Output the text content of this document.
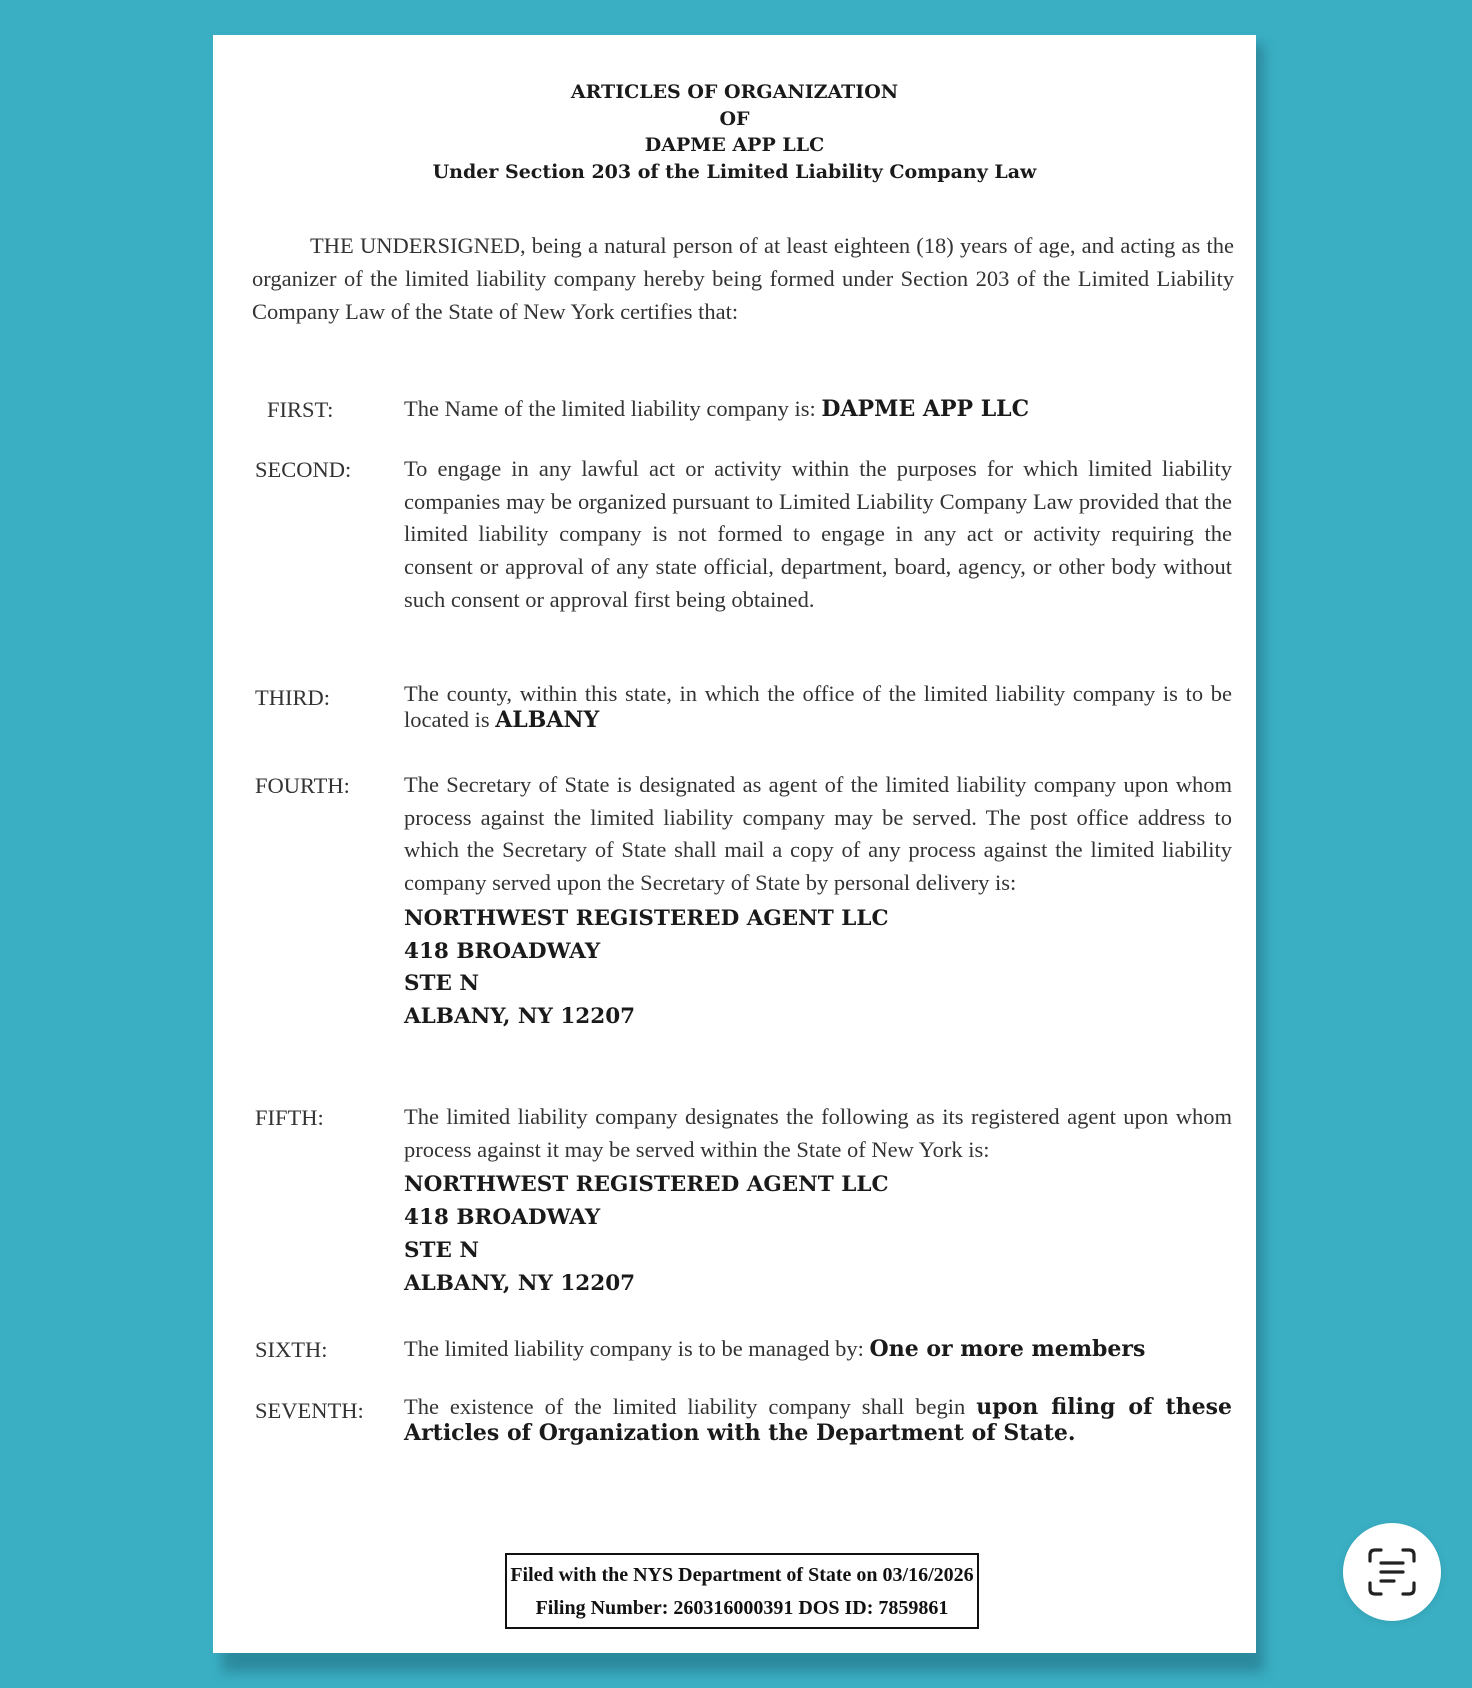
ARTICLES OF ORGANIZATION
OF
DAPME APP LLC
Under Section 203 of the Limited Liability Company Law
THE UNDERSIGNED, being a natural person of at least eighteen (18) years of age, and acting as the organizer of the limited liability company hereby being formed under Section 203 of the Limited Liability Company Law of the State of New York certifies that:
FIRST:	The Name of the limited liability company is: DAPME APP LLC
SECOND: To engage in any lawful act or activity within the purposes for which limited liability companies may be organized pursuant to Limited Liability Company Law provided that the limited liability company is not formed to engage in any act or activity requiring the consent or approval of any state official, department, board, agency, or other body without such consent or approval first being obtained.
THIRD:	The county, within this state, in which the office of the limited liability company is to be located is ALBANY
FOURTH: The Secretary of State is designated as agent of the limited liability company upon whom process against the limited liability company may be served. The post office address to which the Secretary of State shall mail a copy of any process against the limited liability company served upon the Secretary of State by personal delivery is:
NORTHWEST REGISTERED AGENT LLC
418 BROADWAY
STE N
ALBANY, NY 12207
FIFTH:	The limited liability company designates the following as its registered agent upon whom process against it may be served within the State of New York is:
NORTHWEST REGISTERED AGENT LLC
418 BROADWAY
STE N
ALBANY, NY 12207
SIXTH:	The limited liability company is to be managed by: One or more members
SEVENTH: The existence of the limited liability company shall begin upon filing of these Articles of Organization with the Department of State.
Filed with the NYS Department of State on 03/16/2026
Filing Number: 260316000391 DOS ID: 7859861
